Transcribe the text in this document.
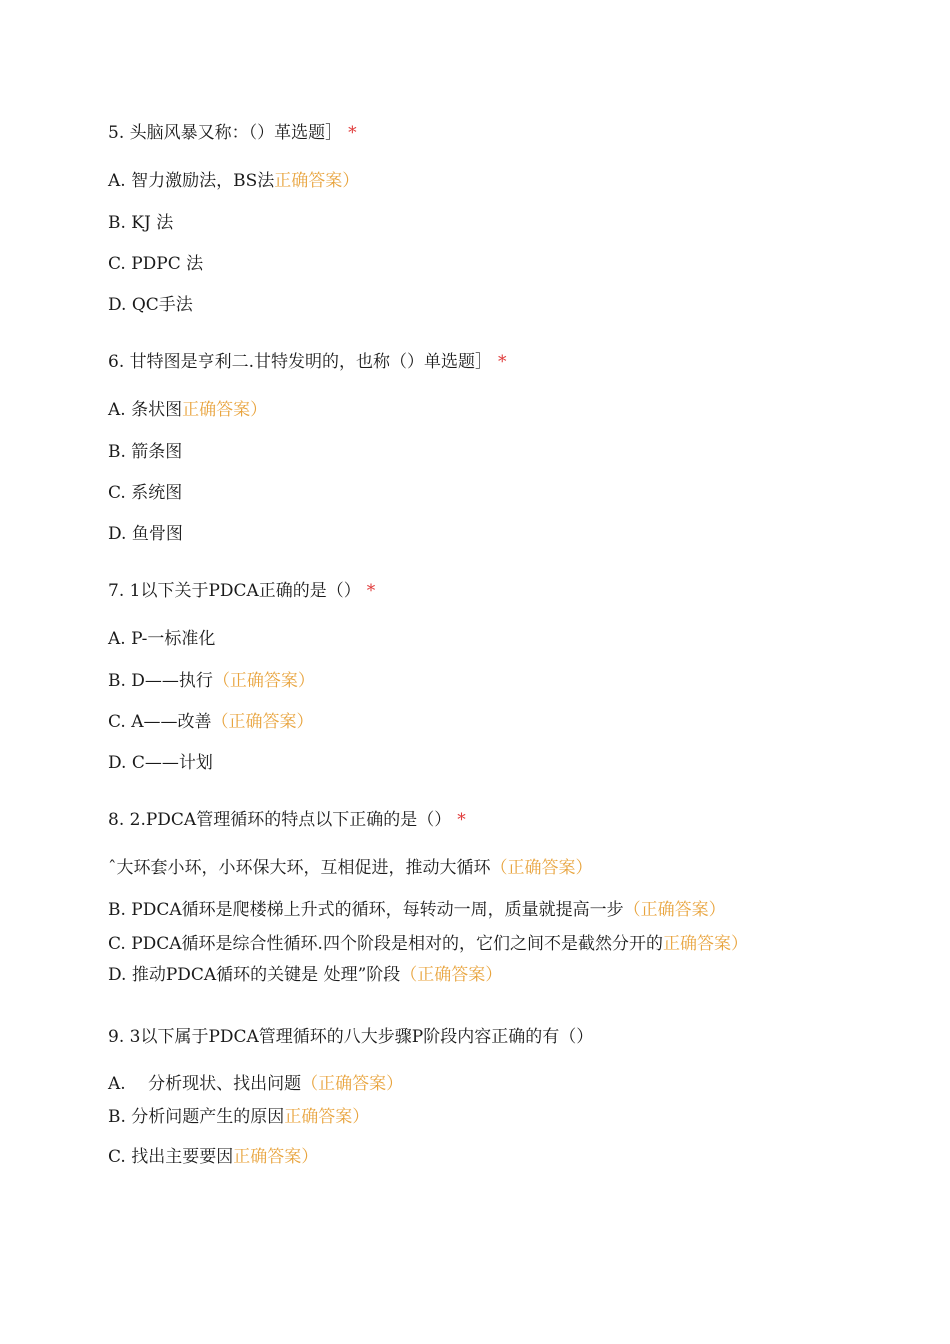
5. 头脑风暴又称：（）革选题］ *
A. 智力激励法，BS法正确答案）
B. KJ 法
C. PDPC 法
D. QC手法
6. 甘特图是亨利二.甘特发明的，也称（）单选题］ *
A. 条状图正确答案）
B. 箭条图
C. 系统图
D. 鱼骨图
7. 1以下关于PDCA正确的是（） *
A. P-一标准化
B. D——执行（正确答案）
C. A——改善（正确答案）
D. C——计划
8. 2.PDCA管理循环的特点以下正确的是（） *
ˆ大环套小环，小环保大环，互相促进，推动大循环（正确答案）
B. PDCA循环是爬楼梯上升式的循环，每转动一周，质量就提高一步（正确答案）
C. PDCA循环是综合性循环.四个阶段是相对的，它们之间不是截然分开的正确答案）
D. 推动PDCA循环的关键是 处理”阶段（正确答案）
9. 3以下属于PDCA管理循环的八大步骤P阶段内容正确的有（）
A.　 分析现状、找出问题（正确答案）
B. 分析问题产生的原因正确答案）
C. 找出主要要因正确答案）
